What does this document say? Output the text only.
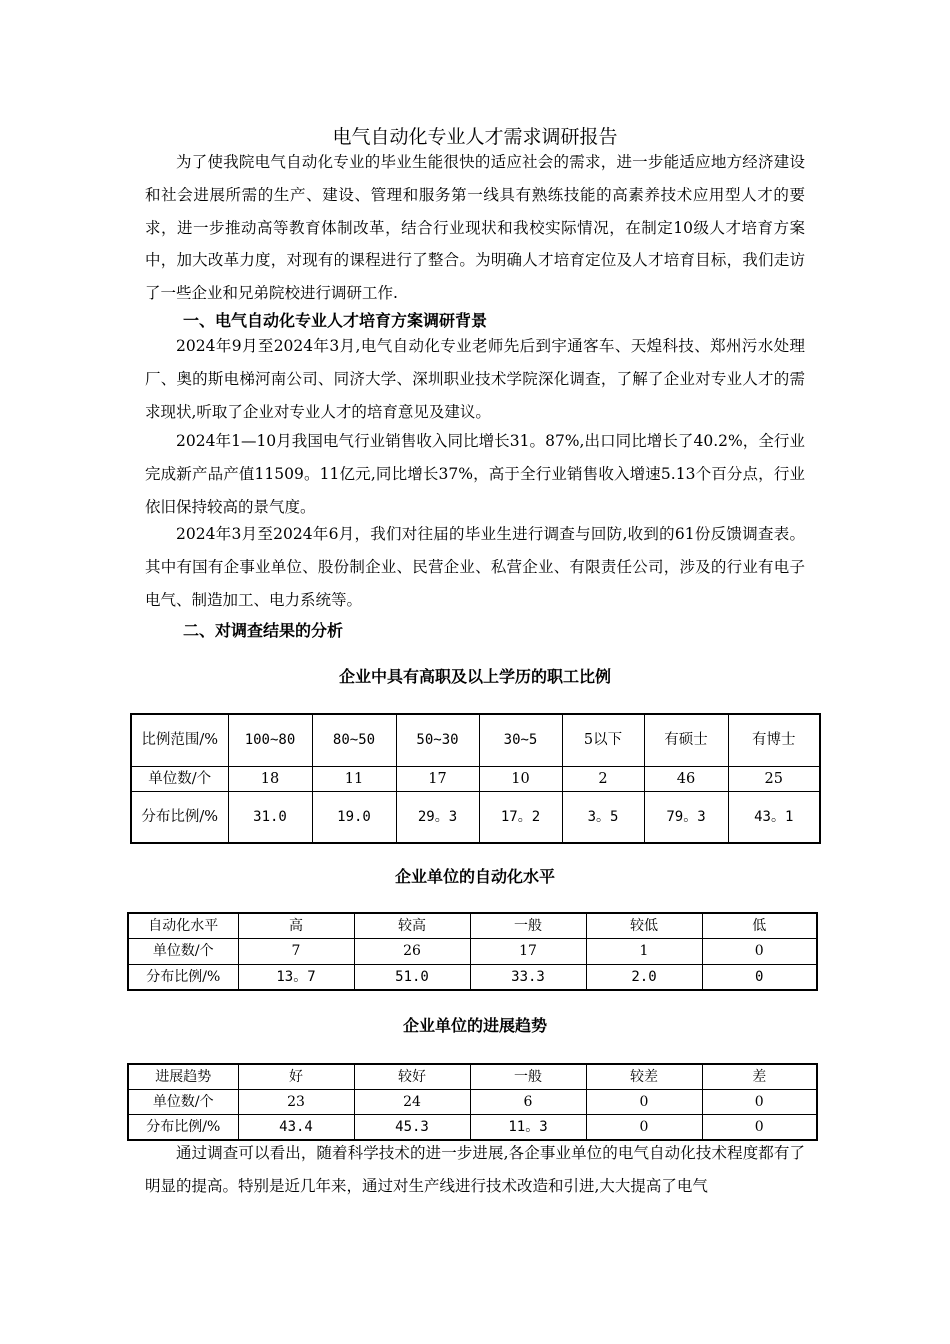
电气自动化专业人才需求调研报告

为了使我院电气自动化专业的毕业生能很快的适应社会的需求，进一步能适应地方经济建设和社会进展所需的生产、建设、管理和服务第一线具有熟练技能的高素养技术应用型人才的要求，进一步推动高等教育体制改革，结合行业现状和我校实际情况，在制定10级人才培育方案中，加大改革力度，对现有的课程进行了整合。为明确人才培育定位及人才培育目标，我们走访了一些企业和兄弟院校进行调研工作.

一、电气自动化专业人才培育方案调研背景

2024年9月至2024年3月,电气自动化专业老师先后到宇通客车、天煌科技、郑州污水处理厂、奥的斯电梯河南公司、同济大学、深圳职业技术学院深化调查，了解了企业对专业人才的需求现状,听取了企业对专业人才的培育意见及建议。

2024年1—10月我国电气行业销售收入同比增长31。87%,出口同比增长了40.2%，全行业完成新产品产值11509。11亿元,同比增长37%，高于全行业销售收入增速5.13个百分点，行业依旧保持较高的景气度。

2024年3月至2024年6月，我们对往届的毕业生进行调查与回防,收到的61份反馈调查表。其中有国有企事业单位、股份制企业、民营企业、私营企业、有限责任公司，涉及的行业有电子电气、制造加工、电力系统等。

二、对调查结果的分析
企业中具有高职及以上学历的职工比例
比例范围/%	100~80	80~50	50~30	30~5	5以下	有硕士	有博士
单位数/个	18	11	17	10	2	46	25
分布比例/%	31.0	19.0	29。3	17。2	3。5	79。3	43。1
企业单位的自动化水平
自动化水平	高	较高	一般	较低	低
单位数/个	7	26	17	1	0
分布比例/%	13。7	51.0	33.3	2.0	0
企业单位的进展趋势
进展趋势	好	较好	一般	较差	差
单位数/个	23	24	6	0	0
分布比例/%	43.4	45.3	11。3	0	0

通过调查可以看出，随着科学技术的进一步进展,各企事业单位的电气自动化技术程度都有了明显的提高。特别是近几年来，通过对生产线进行技术改造和引进,大大提高了电气
